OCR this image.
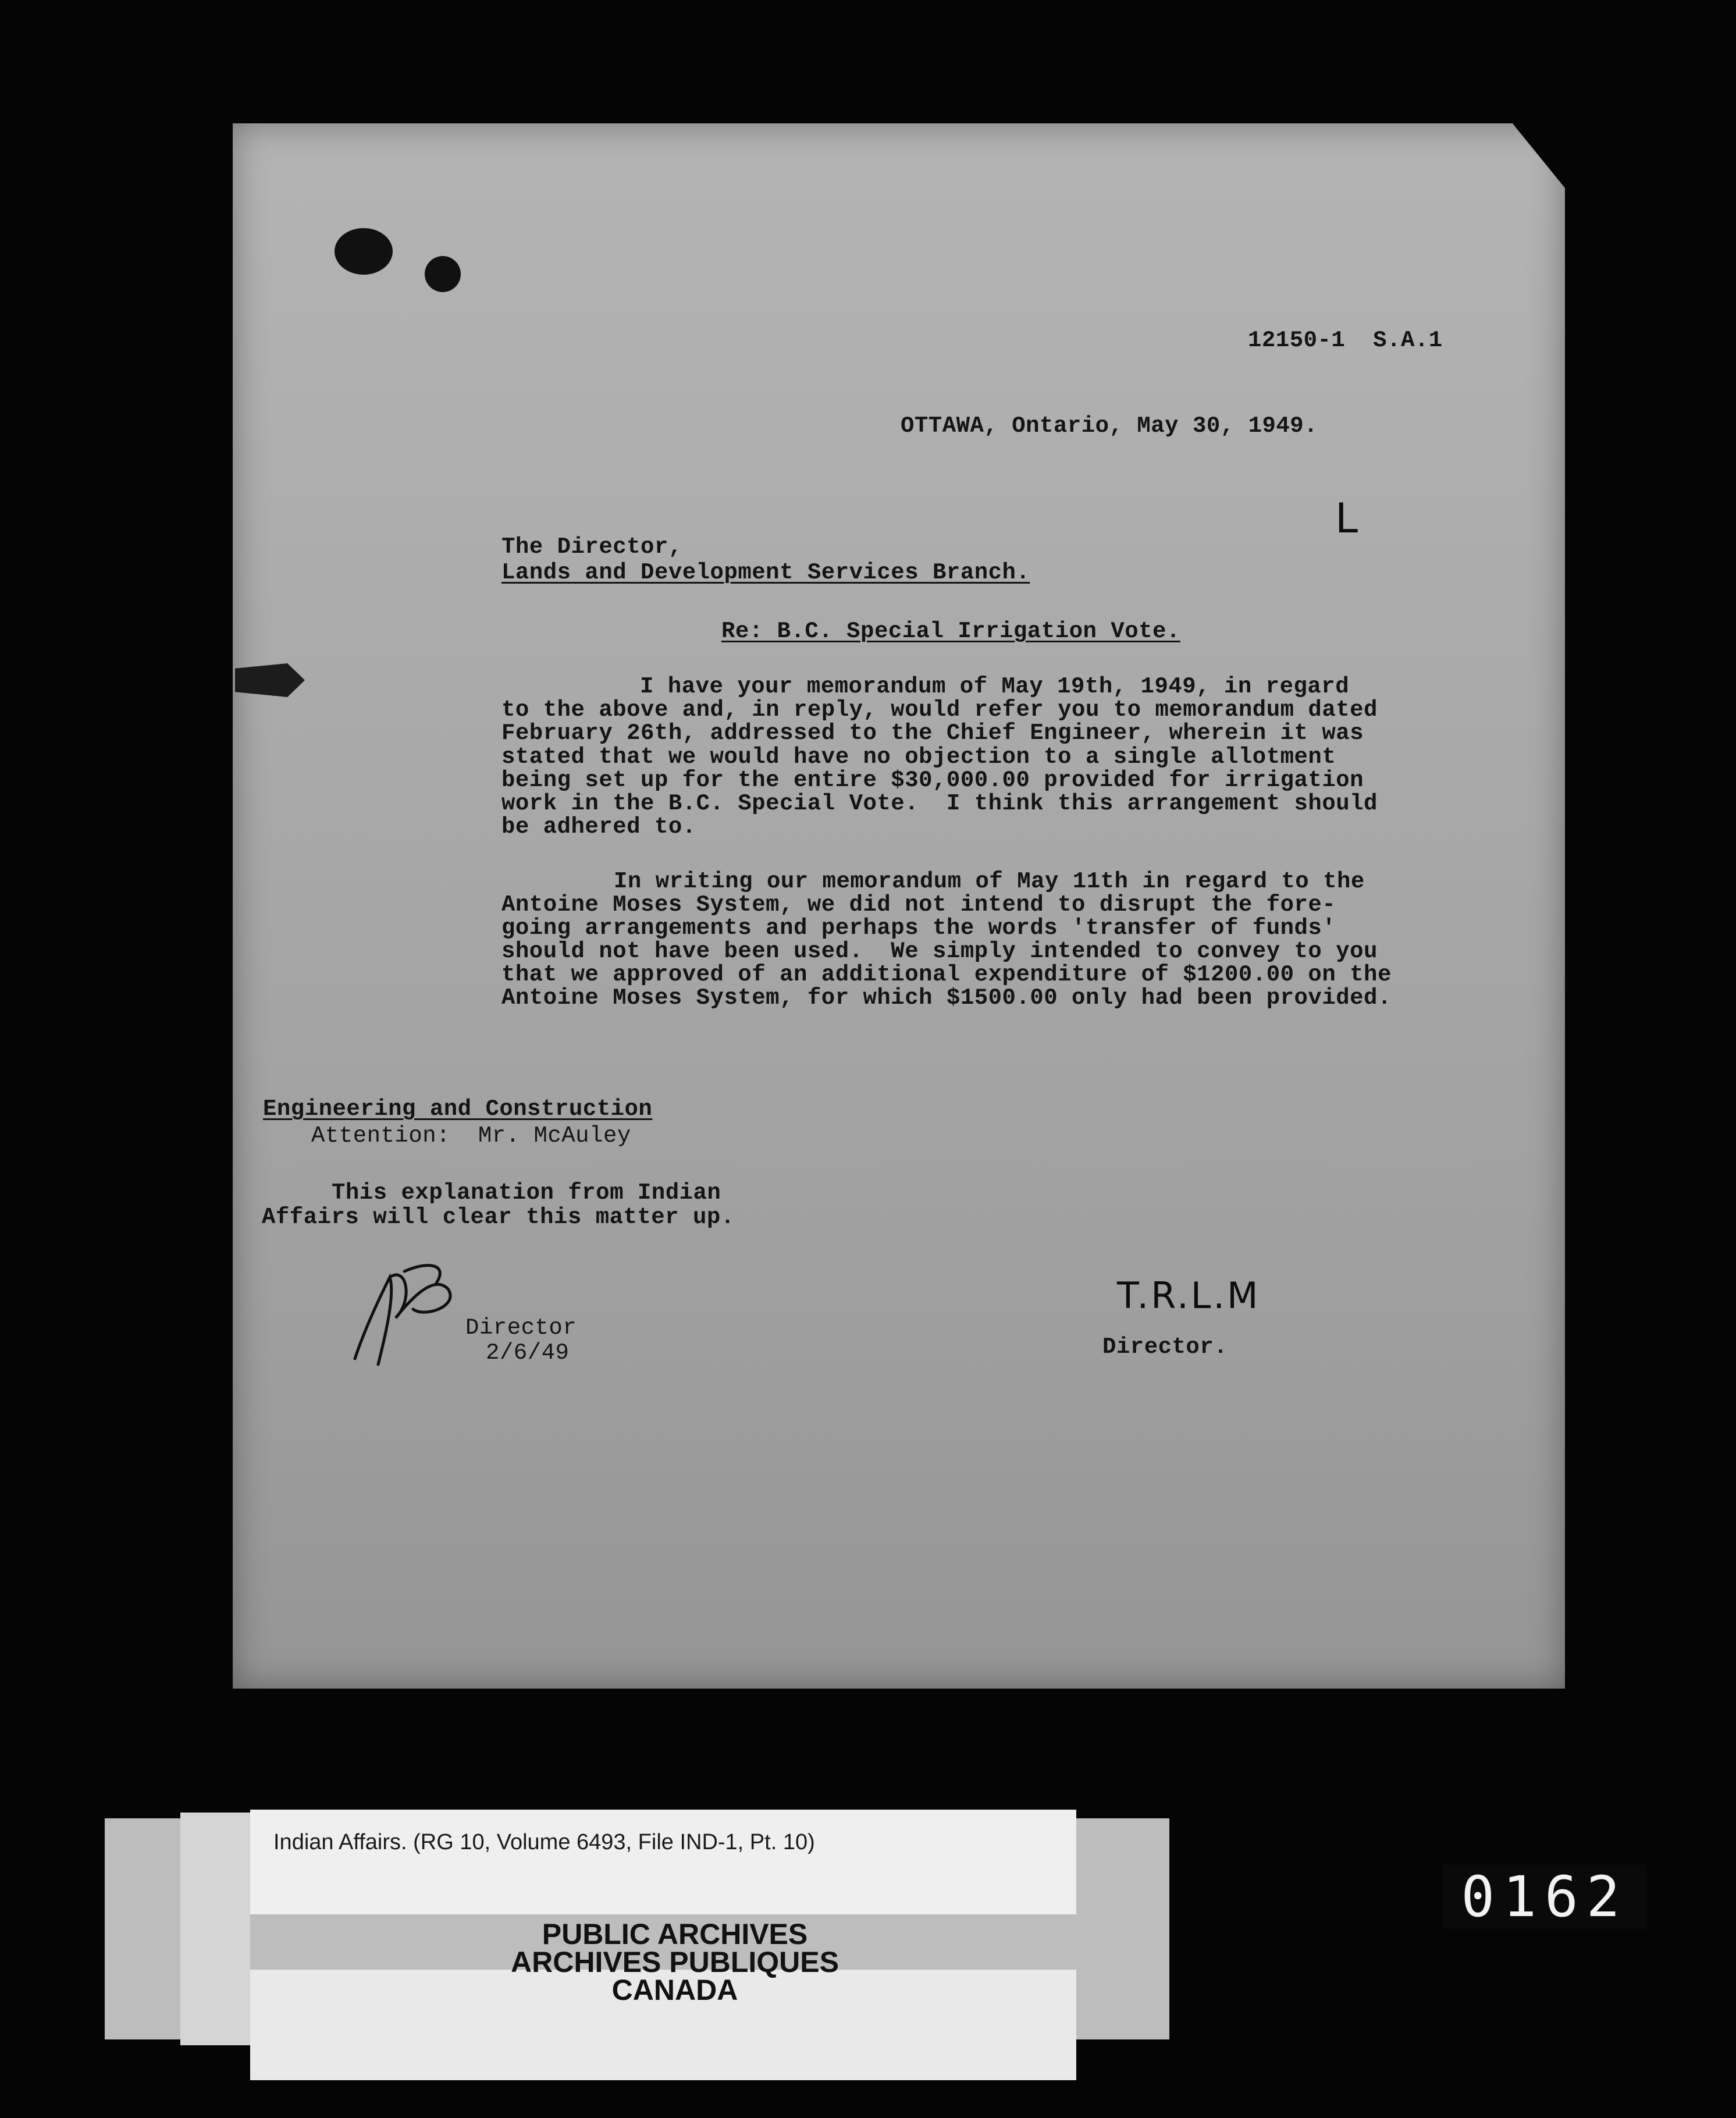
12150-1  S.A.1
OTTAWA, Ontario, May 30, 1949.
L
The Director,
Lands and Development Services Branch.
Re: B.C. Special Irrigation Vote.
I have your memorandum of May 19th, 1949, in regard
to the above and, in reply, would refer you to memorandum dated
February 26th, addressed to the Chief Engineer, wherein it was
stated that we would have no objection to a single allotment
being set up for the entire $30,000.00 provided for irrigation
work in the B.C. Special Vote.  I think this arrangement should
be adhered to.
In writing our memorandum of May 11th in regard to the
Antoine Moses System, we did not intend to disrupt the fore-
going arrangements and perhaps the words 'transfer of funds'
should not have been used.  We simply intended to convey to you
that we approved of an additional expenditure of $1200.00 on the
Antoine Moses System, for which $1500.00 only had been provided.
Engineering and Construction
Attention:  Mr. McAuley
This explanation from Indian
Affairs will clear this matter up.
Director
2/6/49
T.R.L.M
Director.
Indian Affairs. (RG 10, Volume 6493, File IND-1, Pt. 10)
PUBLIC ARCHIVES
ARCHIVES PUBLIQUES
CANADA
0162
